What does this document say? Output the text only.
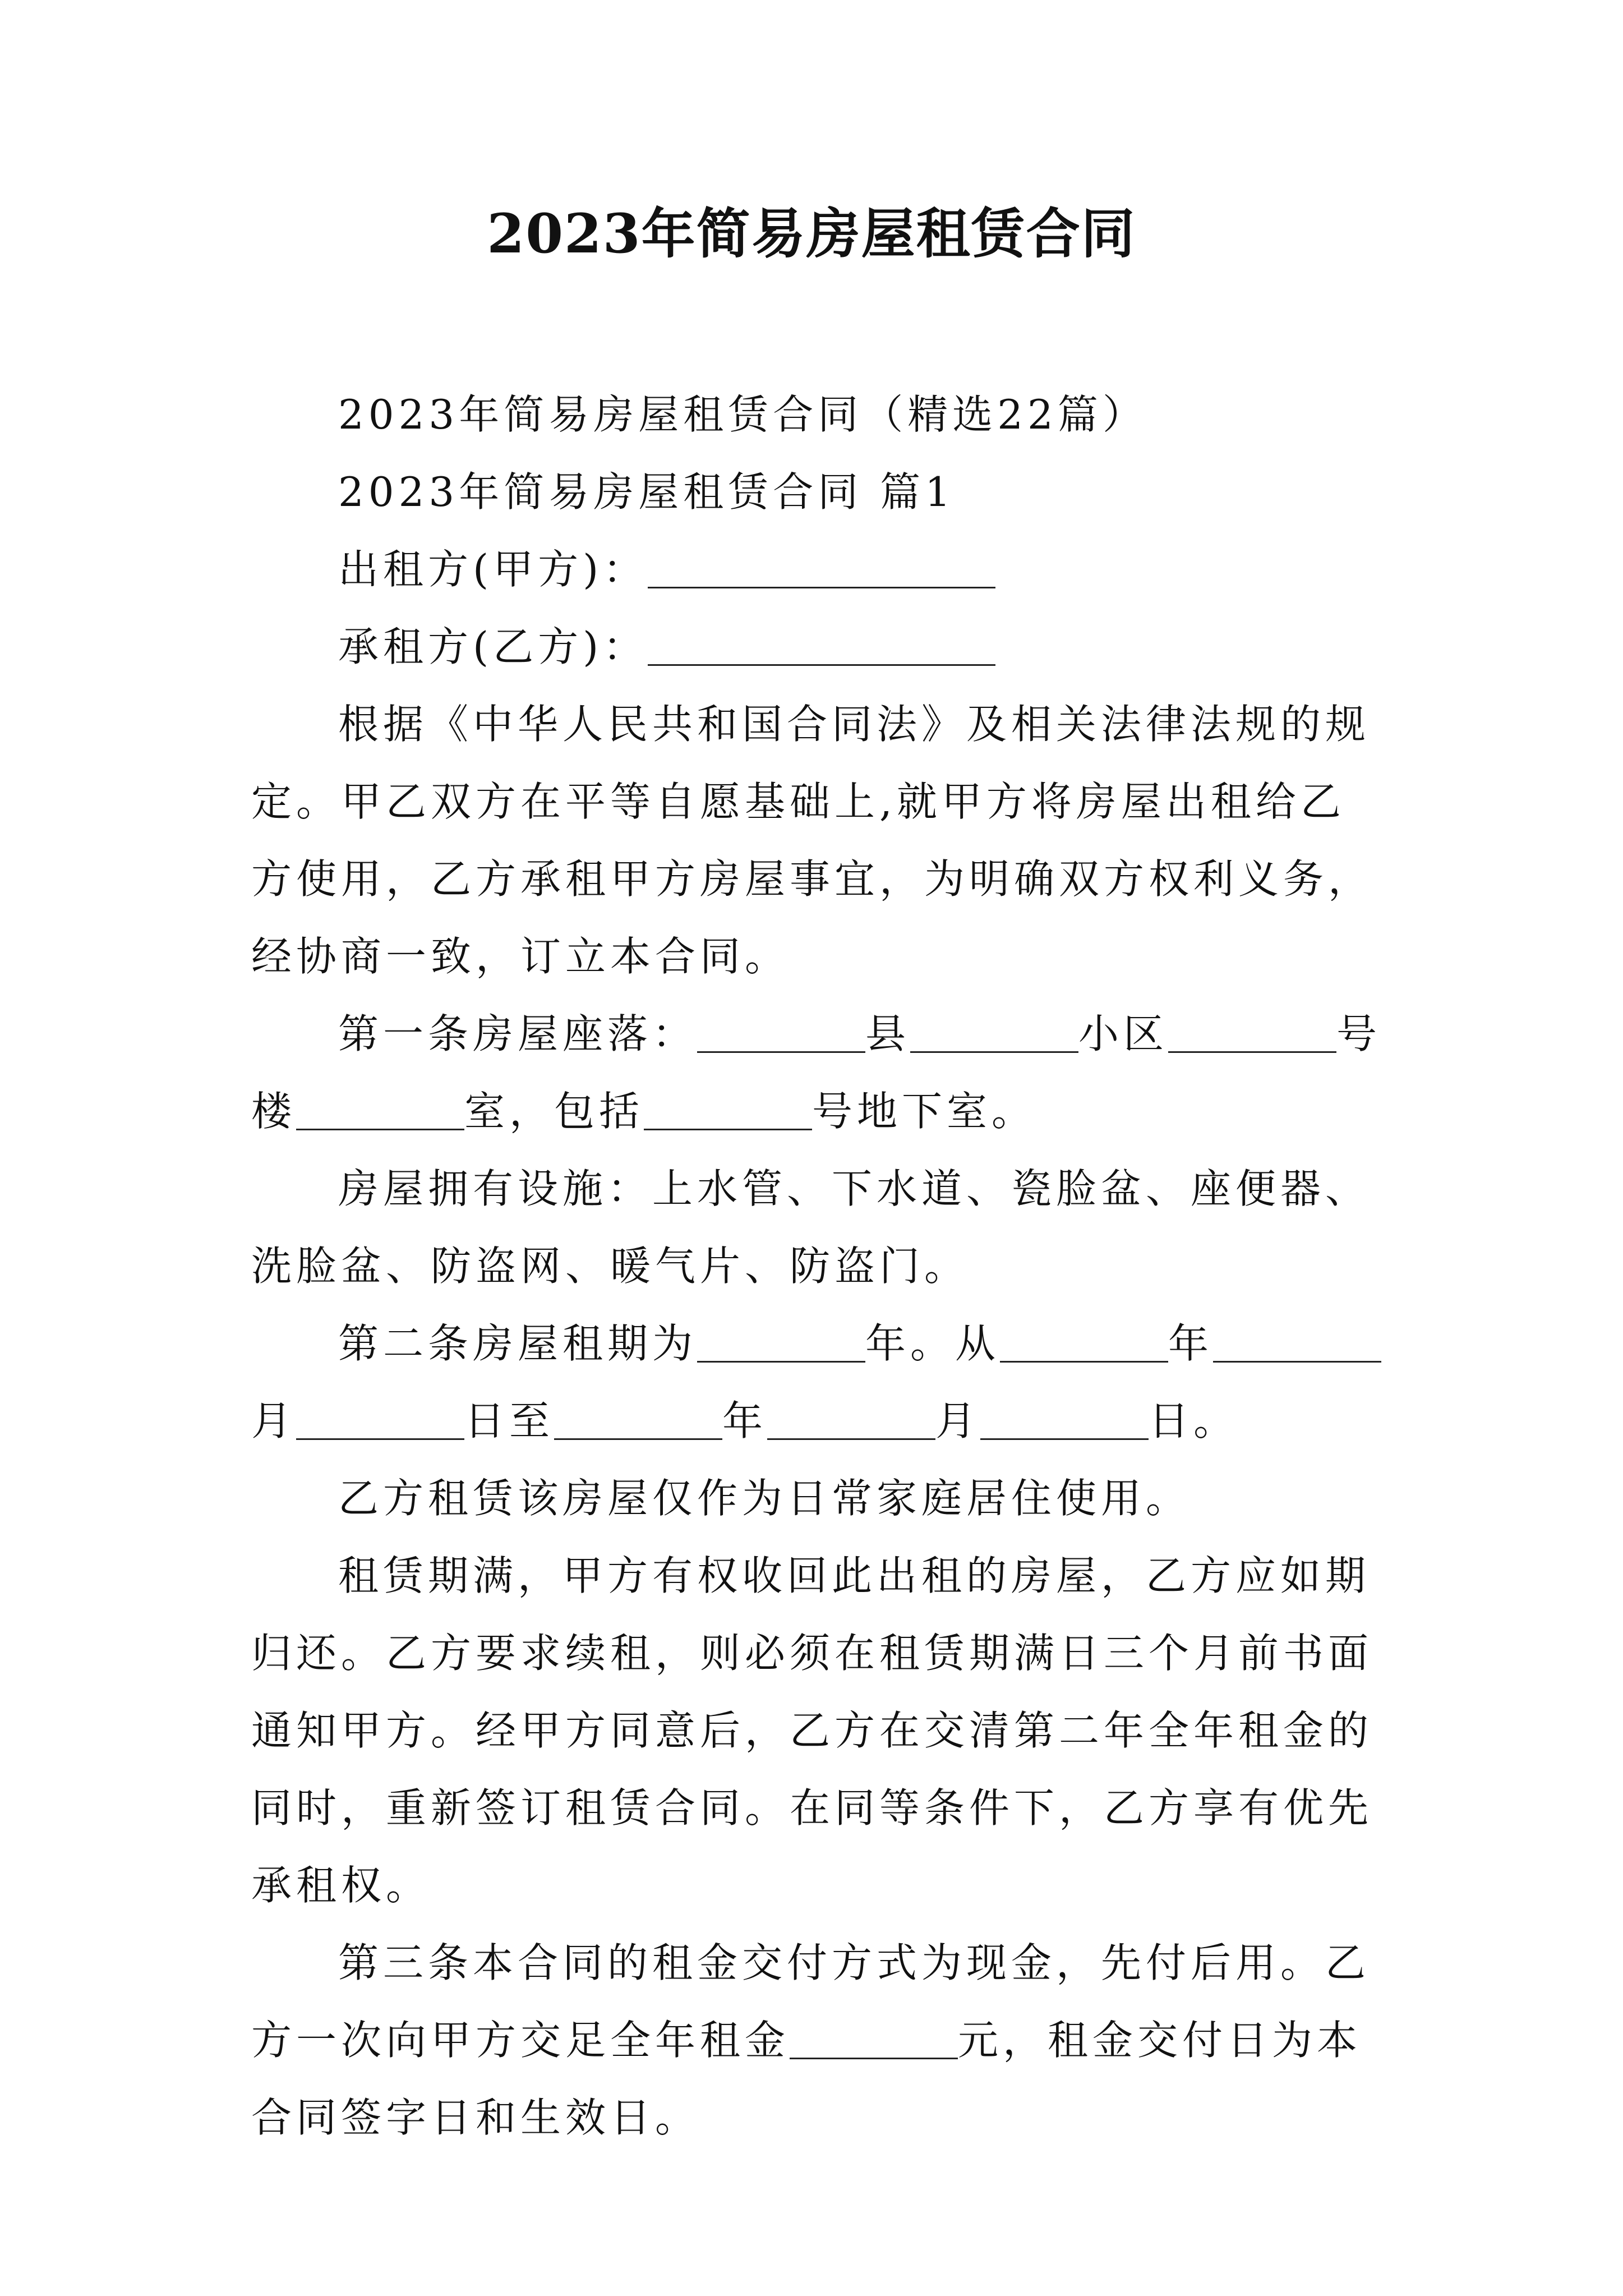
2023年简易房屋租赁合同

2023年简易房屋租赁合同（精选22篇）

2023年简易房屋租赁合同 篇1

出租方(甲方)：

承租方(乙方)：

根据《中华人民共和国合同法》及相关法律法规的规定。甲乙双方在平等自愿基础上,就甲方将房屋出租给乙方使用，乙方承租甲方房屋事宜，为明确双方权利义务，经协商一致，订立本合同。

第一条房屋座落：	县	小区	号楼	室，包括	号地下室。

房屋拥有设施：上水管、下水道、瓷脸盆、座便器、洗脸盆、防盗网、暖气片、防盗门。

第二条房屋租期为	年。从	年月	日至	年	月	日。

乙方租赁该房屋仅作为日常家庭居住使用。

租赁期满，甲方有权收回此出租的房屋，乙方应如期归还。乙方要求续租，则必须在租赁期满日三个月前书面通知甲方。经甲方同意后，乙方在交清第二年全年租金的同时，重新签订租赁合同。在同等条件下，乙方享有优先承租权。

第三条本合同的租金交付方式为现金，先付后用。乙方一次向甲方交足全年租金	元，租金交付日为本合同签字日和生效日。
